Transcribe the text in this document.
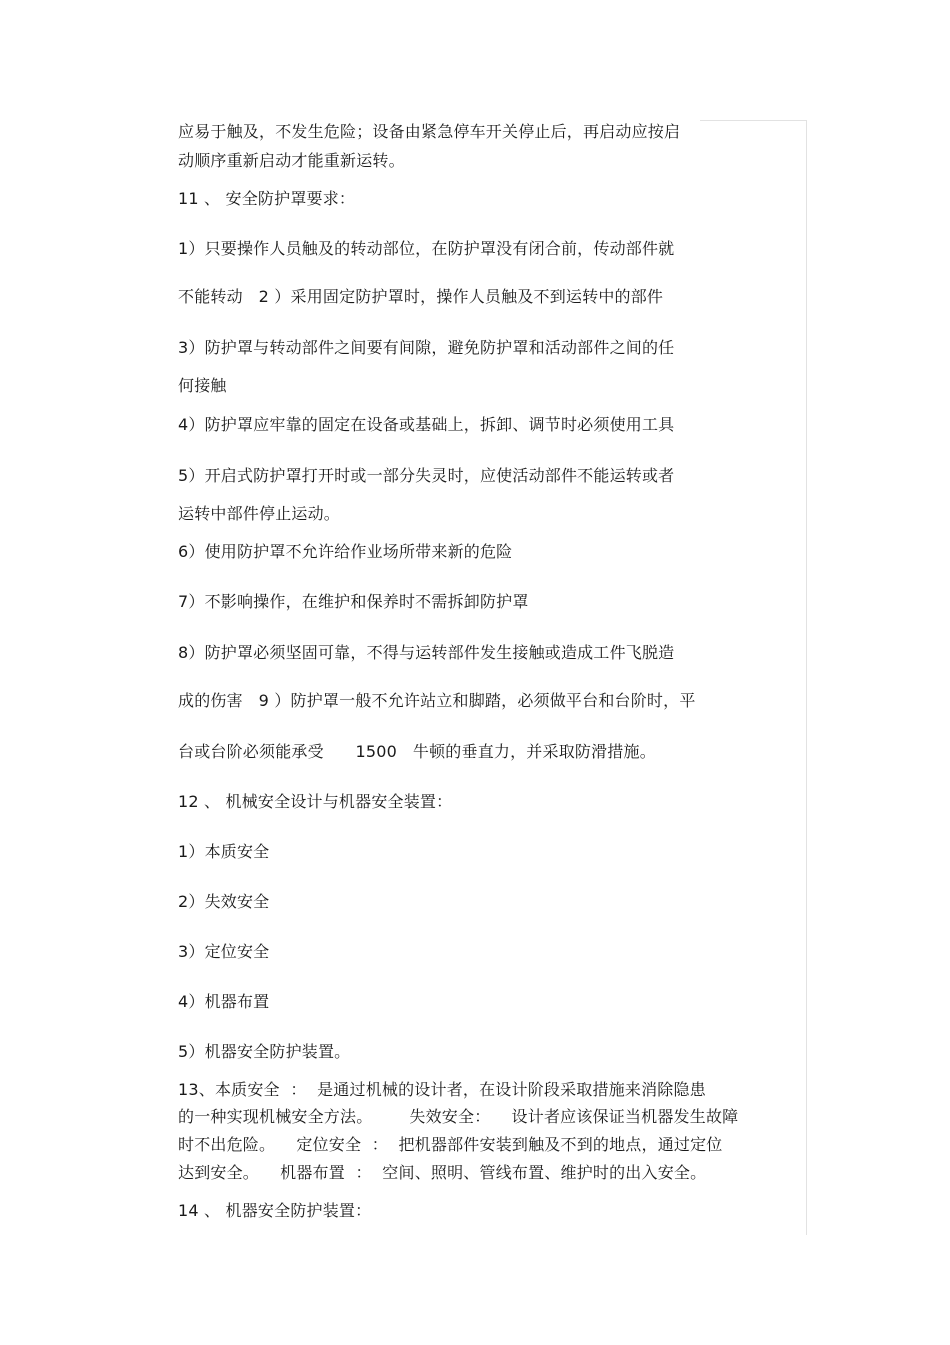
应易于触及，不发生危险；设备由紧急停车开关停止后，再启动应按启
动顺序重新启动才能重新运转。
11 、 安全防护罩要求：
1）只要操作人员触及的转动部位，在防护罩没有闭合前，传动部件就
不能转动   2 ）采用固定防护罩时，操作人员触及不到运转中的部件
3）防护罩与转动部件之间要有间隙，避免防护罩和活动部件之间的任
何接触
4）防护罩应牢靠的固定在设备或基础上，拆卸、调节时必须使用工具
5）开启式防护罩打开时或一部分失灵时，应使活动部件不能运转或者
运转中部件停止运动。
6）使用防护罩不允许给作业场所带来新的危险
7）不影响操作，在维护和保养时不需拆卸防护罩
8）防护罩必须坚固可靠，不得与运转部件发生接触或造成工件飞脱造
成的伤害   9 ）防护罩一般不允许站立和脚踏，必须做平台和台阶时，平
台或台阶必须能承受      1500   牛顿的垂直力，并采取防滑措施。
12 、 机械安全设计与机器安全装置：
1）本质安全
2）失效安全
3）定位安全
4）机器布置
5）机器安全防护装置。
13、本质安全  ：  是通过机械的设计者，在设计阶段采取措施来消除隐患
的一种实现机械安全方法。       失效安全：    设计者应该保证当机器发生故障
时不出危险。    定位安全  ：  把机器部件安装到触及不到的地点，通过定位
达到安全。    机器布置  ：  空间、照明、管线布置、维护时的出入安全。
14 、 机器安全防护装置：
